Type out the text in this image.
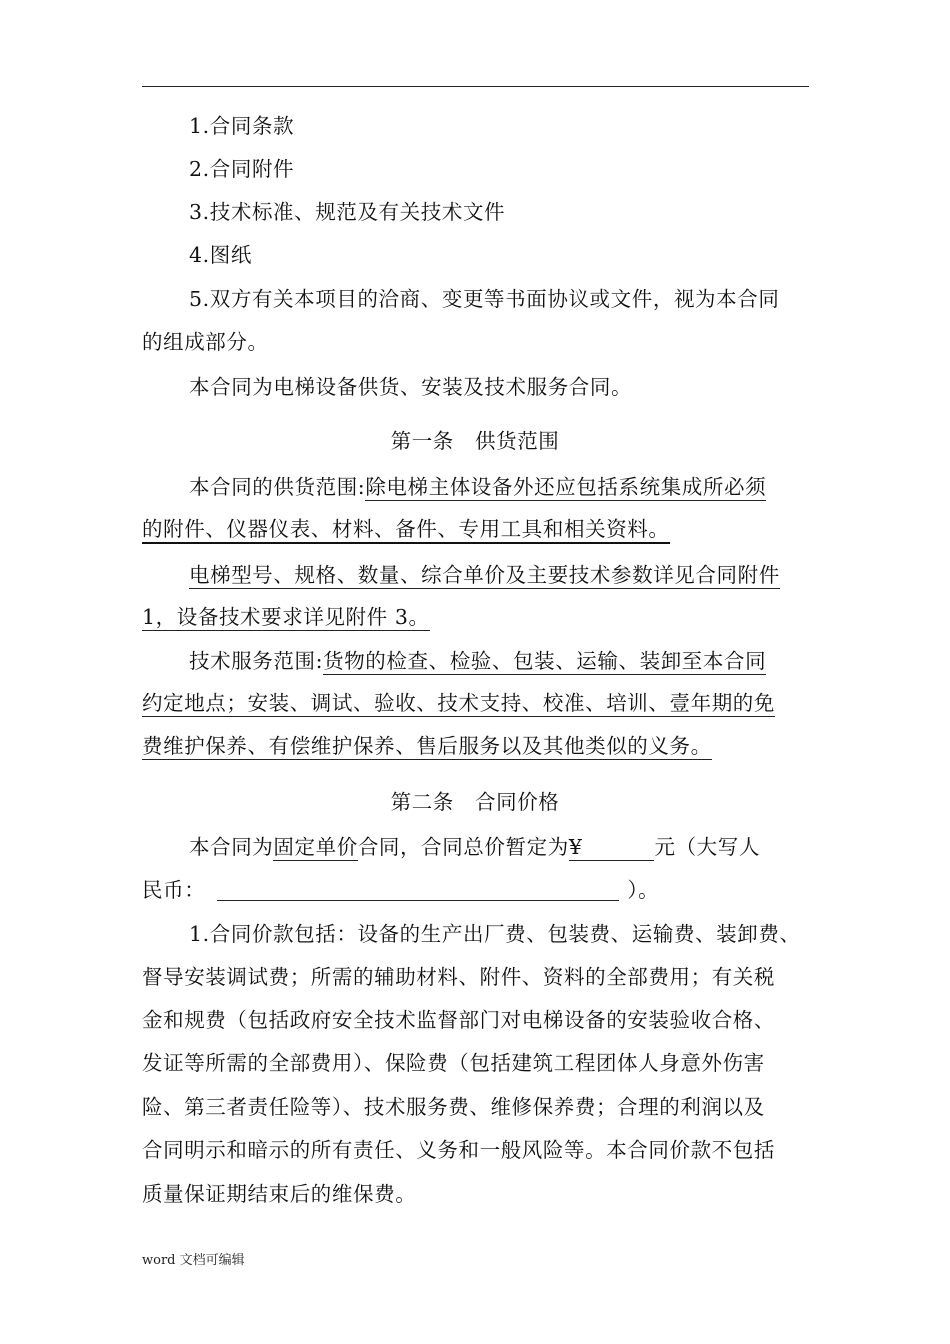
1.合同条款
2.合同附件
3.技术标准、规范及有关技术文件
4.图纸
5.双方有关本项目的洽商、变更等书面协议或文件，视为本合同
的组成部分。
本合同为电梯设备供货、安装及技术服务合同。
第一条　供货范围
本合同的供货范围:除电梯主体设备外还应包括系统集成所必须
的附件、仪器仪表、材料、备件、专用工具和相关资料。
电梯型号、规格、数量、综合单价及主要技术参数详见合同附件
1，设备技术要求详见附件 3。
技术服务范围:货物的检查、检验、包装、运输、装卸至本合同
约定地点；安装、调试、验收、技术支持、校准、培训、壹年期的免
费维护保养、有偿维护保养、售后服务以及其他类似的义务。
第二条　合同价格
本合同为固定单价合同，合同总价暂定为¥	元（大写人
民币：	）。
1.合同价款包括：设备的生产出厂费、包装费、运输费、装卸费、
督导安装调试费；所需的辅助材料、附件、资料的全部费用；有关税
金和规费（包括政府安全技术监督部门对电梯设备的安装验收合格、
发证等所需的全部费用）、保险费（包括建筑工程团体人身意外伤害
险、第三者责任险等）、技术服务费、维修保养费；合理的利润以及
合同明示和暗示的所有责任、义务和一般风险等。本合同价款不包括
质量保证期结束后的维保费。
word 文档可编辑
